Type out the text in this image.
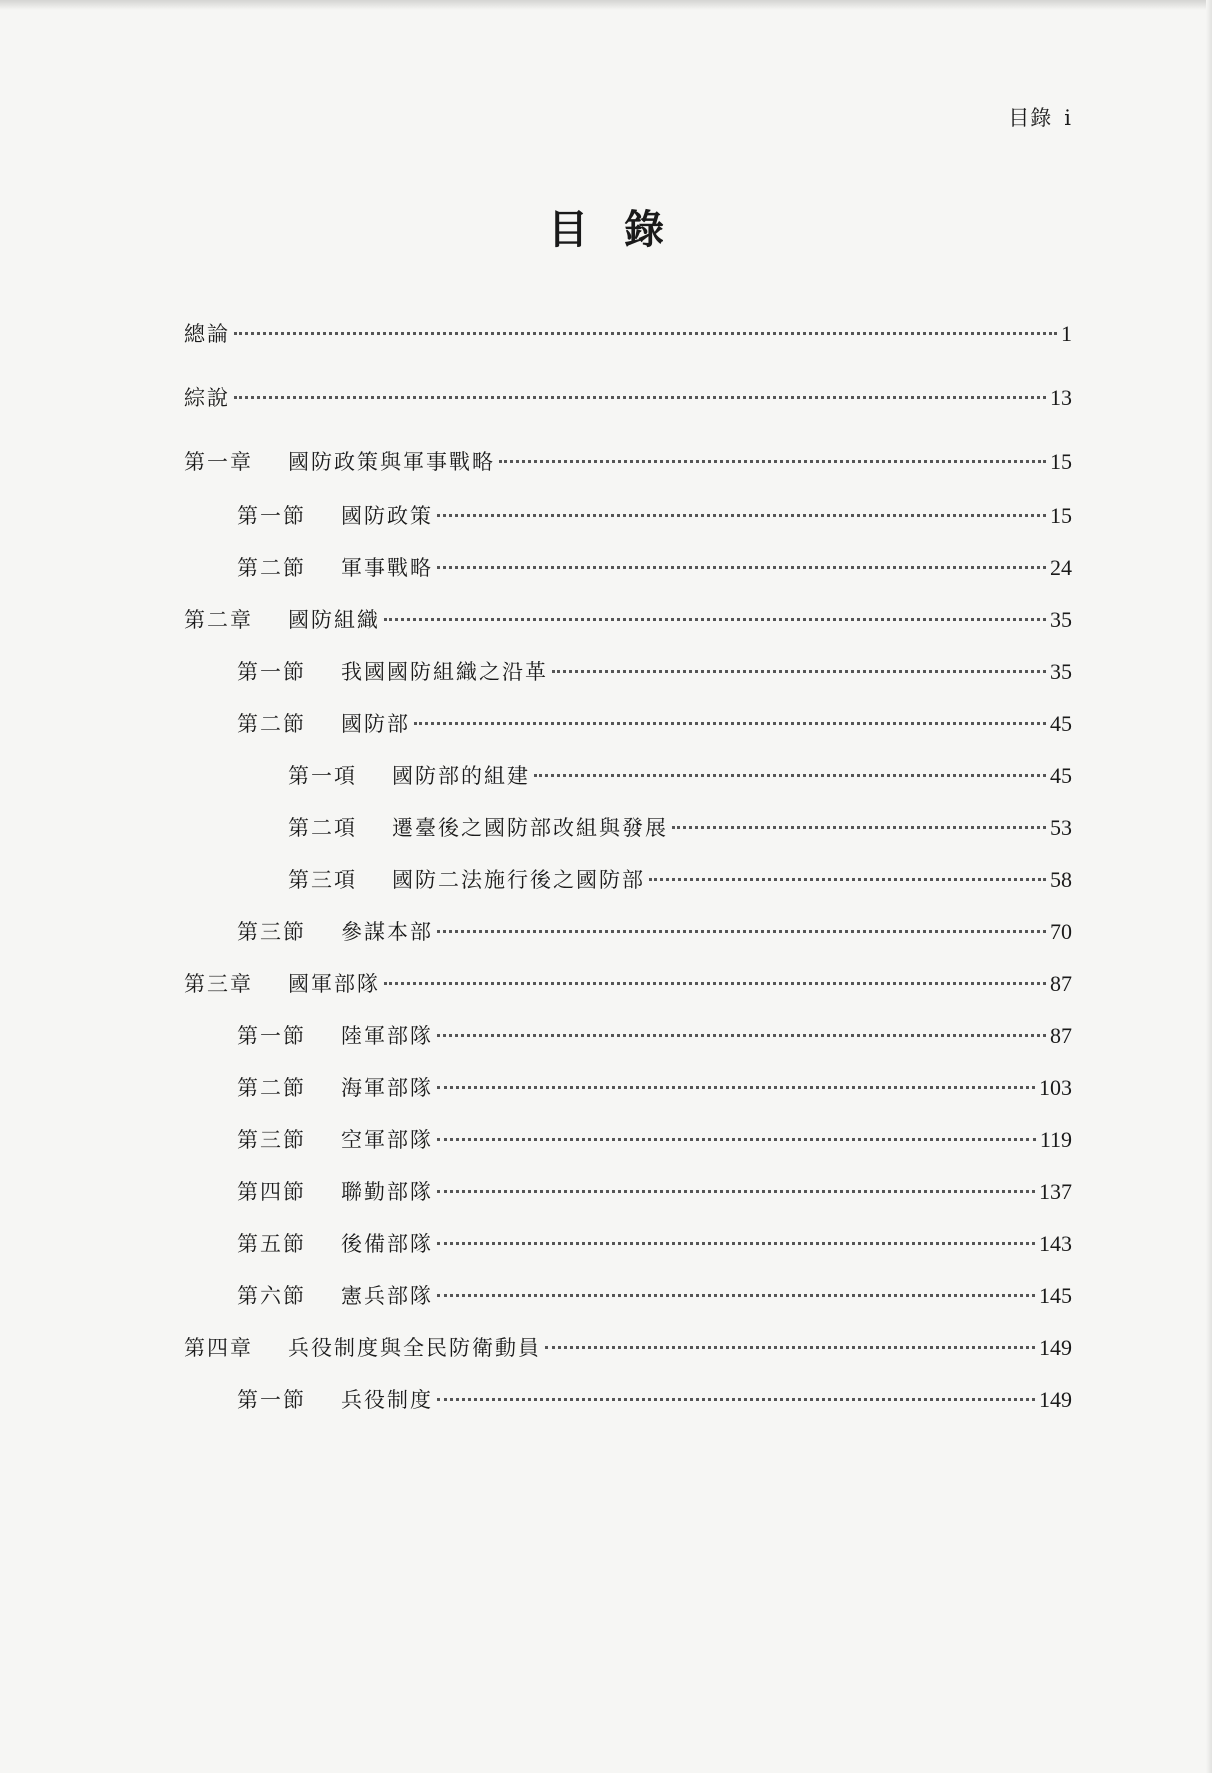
目錄 i
目錄
總論	1
綜說	13
第一章 國防政策與軍事戰略	15
第一節 國防政策	15
第二節 軍事戰略	24
第二章 國防組織	35
第一節 我國國防組織之沿革	35
第二節 國防部	45
第一項 國防部的組建	45
第二項 遷臺後之國防部改組與發展	53
第三項 國防二法施行後之國防部	58
第三節 參謀本部	70
第三章 國軍部隊	87
第一節 陸軍部隊	87
第二節 海軍部隊	103
第三節 空軍部隊	119
第四節 聯勤部隊	137
第五節 後備部隊	143
第六節 憲兵部隊	145
第四章 兵役制度與全民防衛動員	149
第一節 兵役制度	149
